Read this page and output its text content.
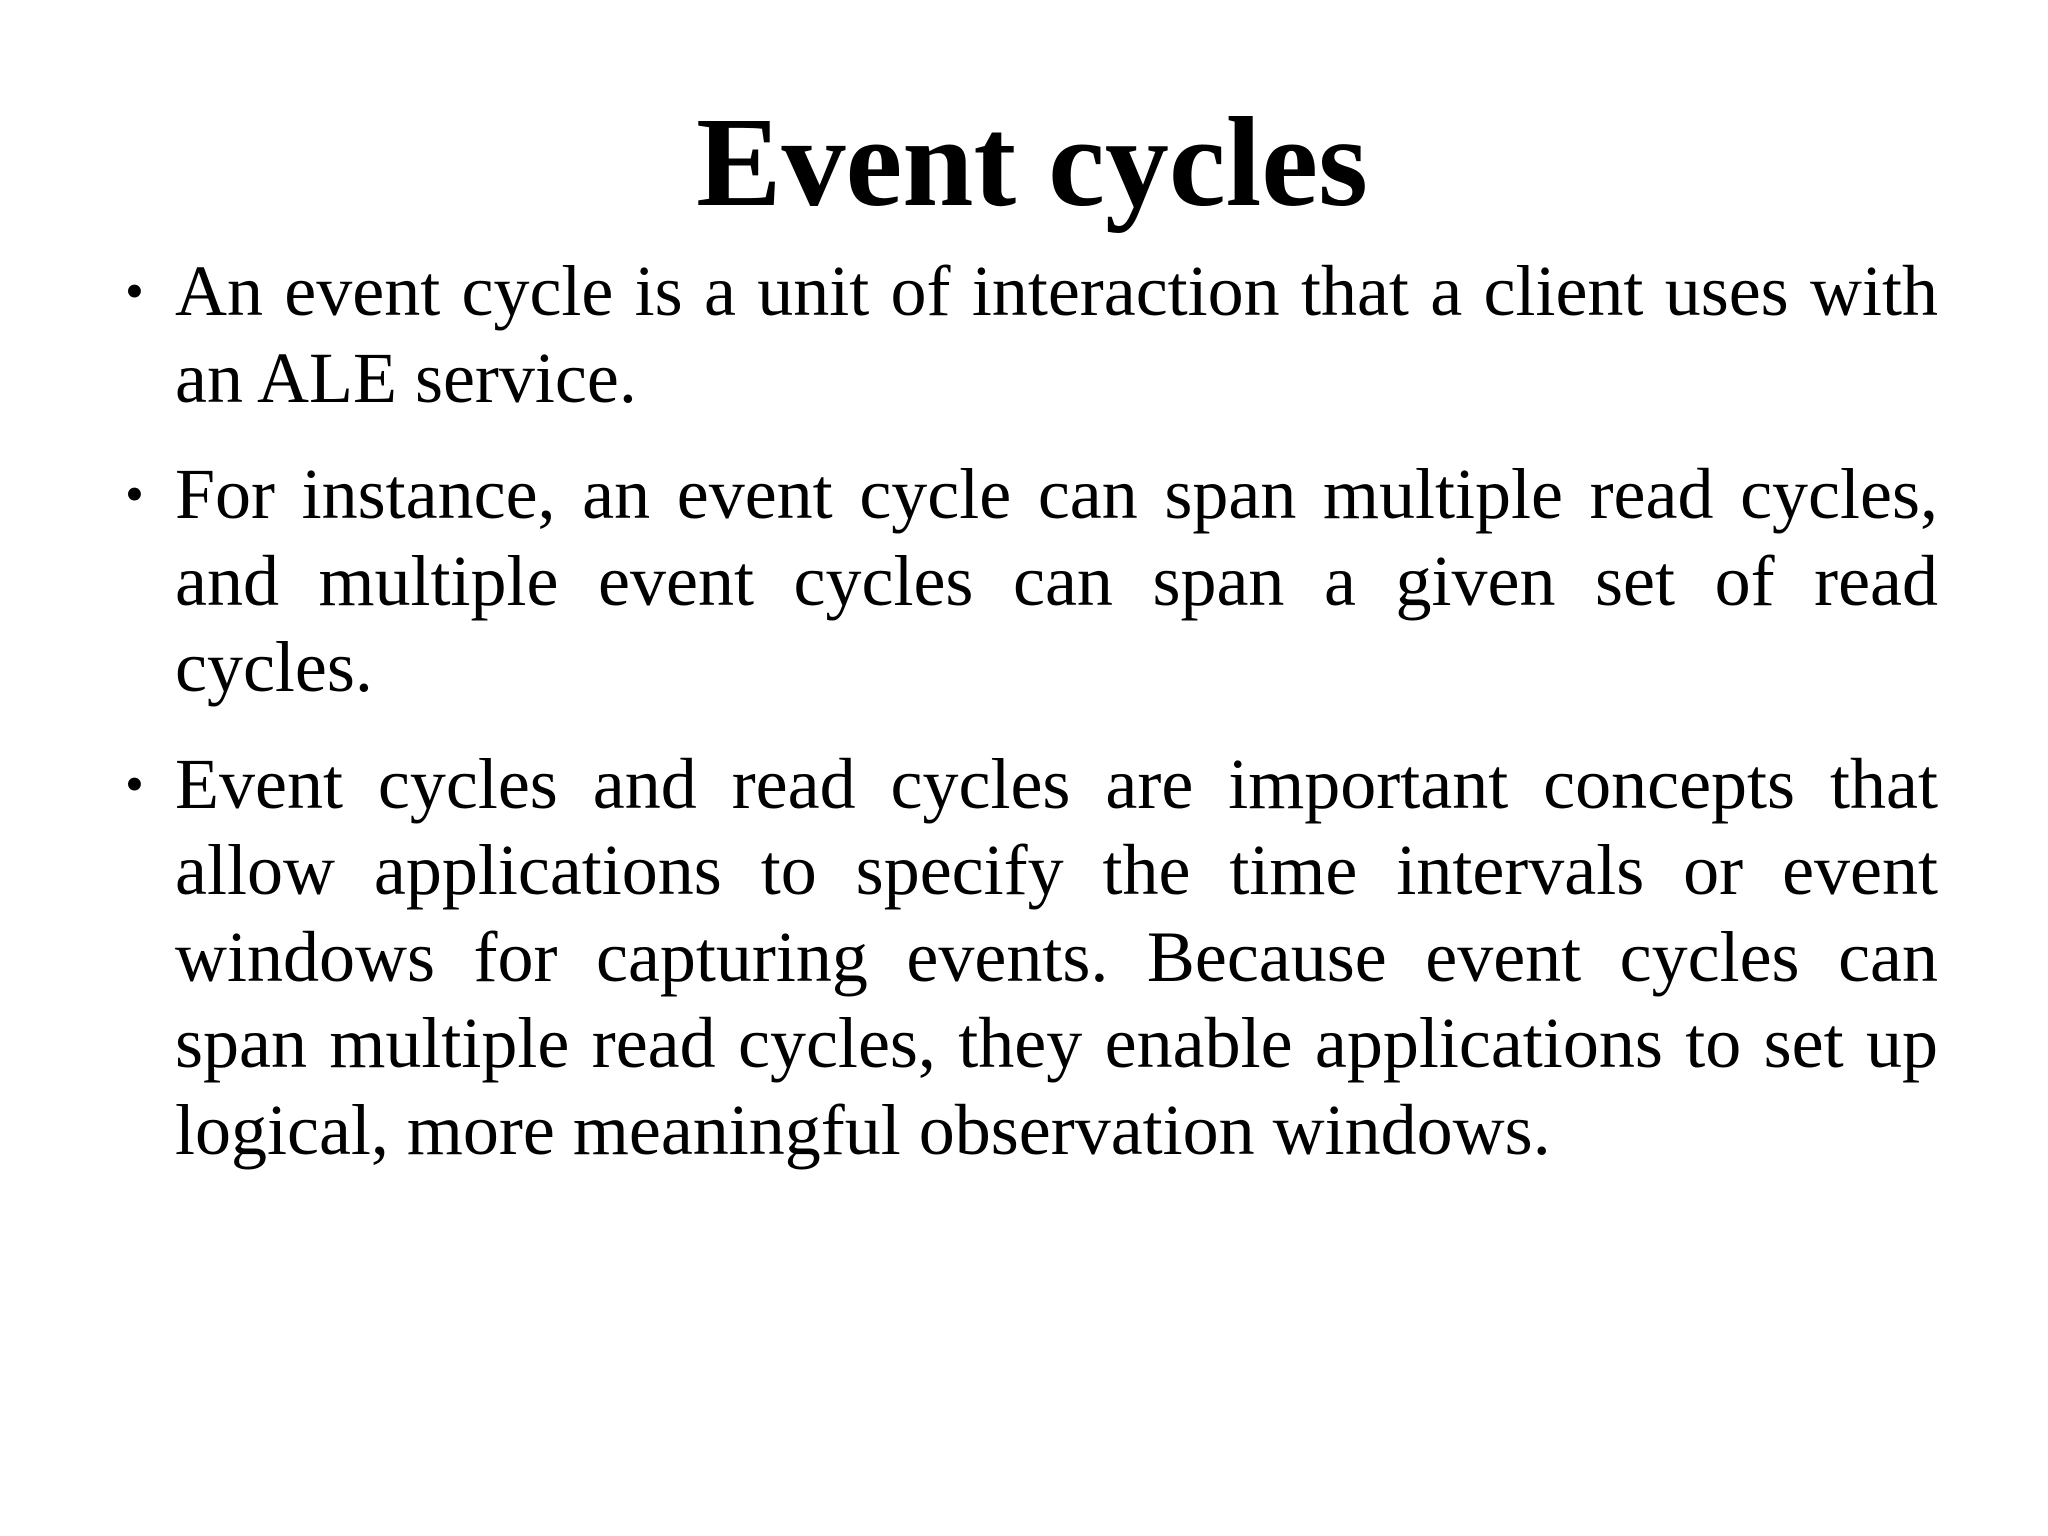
Event cycles
• An event cycle is a unit of interaction that a client uses with an ALE service.
• For instance, an event cycle can span multiple read cycles, and multiple event cycles can span a given set of read cycles.
• Event cycles and read cycles are important concepts that allow applications to specify the time intervals or event windows for capturing events. Because event cycles can span multiple read cycles, they enable applications to set up logical, more meaningful observation windows.
